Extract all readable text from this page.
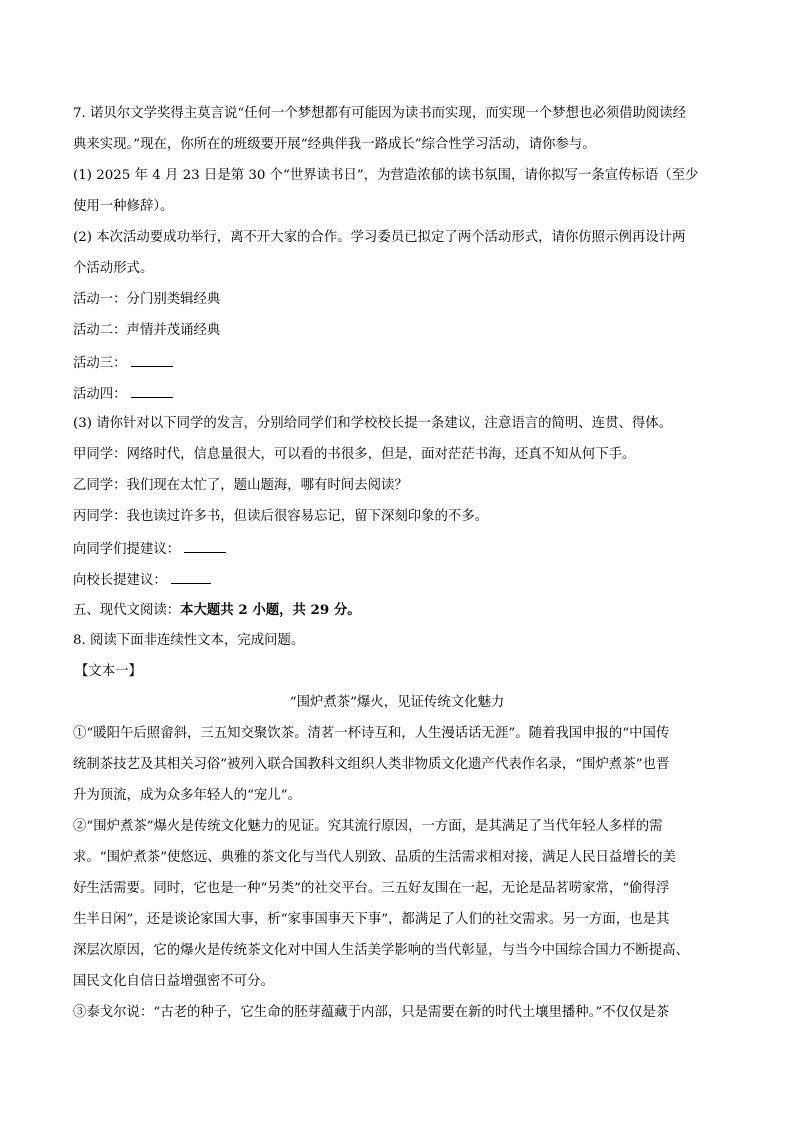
7. 诺贝尔文学奖得主莫言说“任何一个梦想都有可能因为读书而实现，而实现一个梦想也必须借助阅读经
典来实现。”现在，你所在的班级要开展“经典伴我一路成长”综合性学习活动，请你参与。
(1) 2025 年 4 月 23 日是第 30 个“世界读书日”，为营造浓郁的读书氛围，请你拟写一条宣传标语（至少
使用一种修辞）。
(2) 本次活动要成功举行，离不开大家的合作。学习委员已拟定了两个活动形式，请你仿照示例再设计两
个活动形式。
活动一：分门别类辑经典
活动二：声情并茂诵经典
活动三：
活动四：
(3) 请你针对以下同学的发言，分别给同学们和学校校长提一条建议，注意语言的简明、连贯、得体。
甲同学：网络时代，信息量很大，可以看的书很多，但是，面对茫茫书海，还真不知从何下手。
乙同学：我们现在太忙了，题山题海，哪有时间去阅读？
丙同学：我也读过许多书，但读后很容易忘记，留下深刻印象的不多。
向同学们提建议：
向校长提建议：
五、现代文阅读：本大题共 2 小题，共 29 分。
8. 阅读下面非连续性文本，完成问题。
【文本一】
“围炉煮茶”爆火，见证传统文化魅力
①“暖阳午后照畲斜，三五知交聚饮茶。清茗一杯诗互和，人生漫话话无涯”。随着我国申报的“中国传
统制茶技艺及其相关习俗”被列入联合国教科文组织人类非物质文化遗产代表作名录，“围炉煮茶”也晋
升为顶流，成为众多年轻人的“宠儿”。
②“围炉煮茶”爆火是传统文化魅力的见证。究其流行原因，一方面，是其满足了当代年轻人多样的需
求。“围炉煮茶”使悠远、典雅的茶文化与当代人别致、品质的生活需求相对接，满足人民日益增长的美
好生活需要。同时，它也是一种“另类”的社交平台。三五好友围在一起，无论是品茗唠家常，“偷得浮
生半日闲”，还是谈论家国大事，析“家事国事天下事”，都满足了人们的社交需求。另一方面，也是其
深层次原因，它的爆火是传统茶文化对中国人生活美学影响的当代彰显，与当今中国综合国力不断提高、
国民文化自信日益增强密不可分。
③泰戈尔说：“古老的种子，它生命的胚芽蕴藏于内部，只是需要在新的时代土壤里播种。”不仅仅是茶
